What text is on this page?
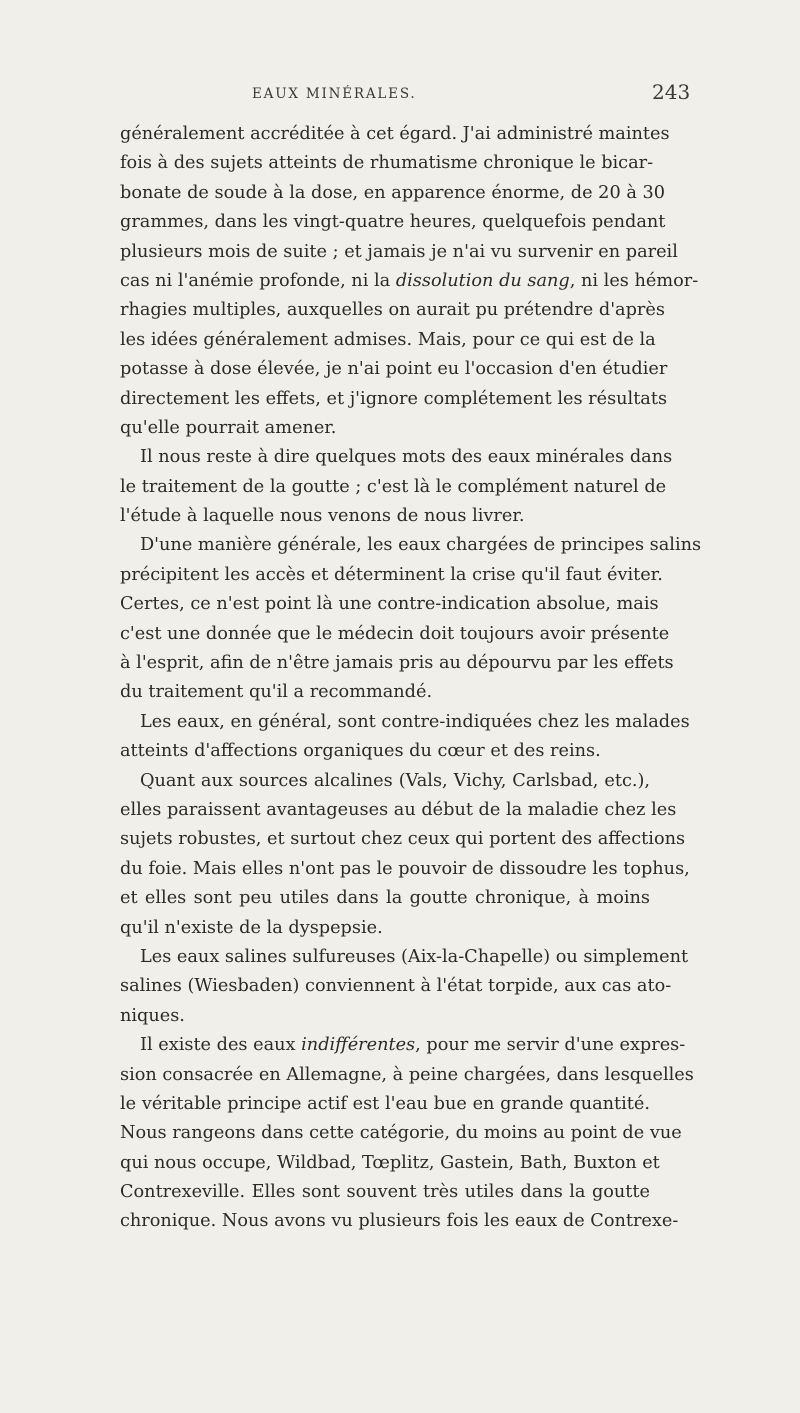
EAUX MINÉRALES.	243
généralement accréditée à cet égard. J'ai administré maintes
fois à des sujets atteints de rhumatisme chronique le bicar-
bonate de soude à la dose, en apparence énorme, de 20 à 30
grammes, dans les vingt-quatre heures, quelquefois pendant
plusieurs mois de suite ; et jamais je n'ai vu survenir en pareil
cas ni l'anémie profonde, ni la dissolution du sang, ni les hémor-
rhagies multiples, auxquelles on aurait pu prétendre d'après
les idées généralement admises. Mais, pour ce qui est de la
potasse à dose élevée, je n'ai point eu l'occasion d'en étudier
directement les effets, et j'ignore complétement les résultats
qu'elle pourrait amener.
Il nous reste à dire quelques mots des eaux minérales dans
le traitement de la goutte ; c'est là le complément naturel de
l'étude à laquelle nous venons de nous livrer.
D'une manière générale, les eaux chargées de principes salins
précipitent les accès et déterminent la crise qu'il faut éviter.
Certes, ce n'est point là une contre-indication absolue, mais
c'est une donnée que le médecin doit toujours avoir présente
à l'esprit, afin de n'être jamais pris au dépourvu par les effets
du traitement qu'il a recommandé.
Les eaux, en général, sont contre-indiquées chez les malades
atteints d'affections organiques du cœur et des reins.
Quant aux sources alcalines (Vals, Vichy, Carlsbad, etc.),
elles paraissent avantageuses au début de la maladie chez les
sujets robustes, et surtout chez ceux qui portent des affections
du foie. Mais elles n'ont pas le pouvoir de dissoudre les tophus,
et elles sont peu utiles dans la goutte chronique, à moins
qu'il n'existe de la dyspepsie.
Les eaux salines sulfureuses (Aix-la-Chapelle) ou simplement
salines (Wiesbaden) conviennent à l'état torpide, aux cas ato-
niques.
Il existe des eaux indifférentes, pour me servir d'une expres-
sion consacrée en Allemagne, à peine chargées, dans lesquelles
le véritable principe actif est l'eau bue en grande quantité.
Nous rangeons dans cette catégorie, du moins au point de vue
qui nous occupe, Wildbad, Tœplitz, Gastein, Bath, Buxton et
Contrexeville. Elles sont souvent très utiles dans la goutte
chronique. Nous avons vu plusieurs fois les eaux de Contrexe-
